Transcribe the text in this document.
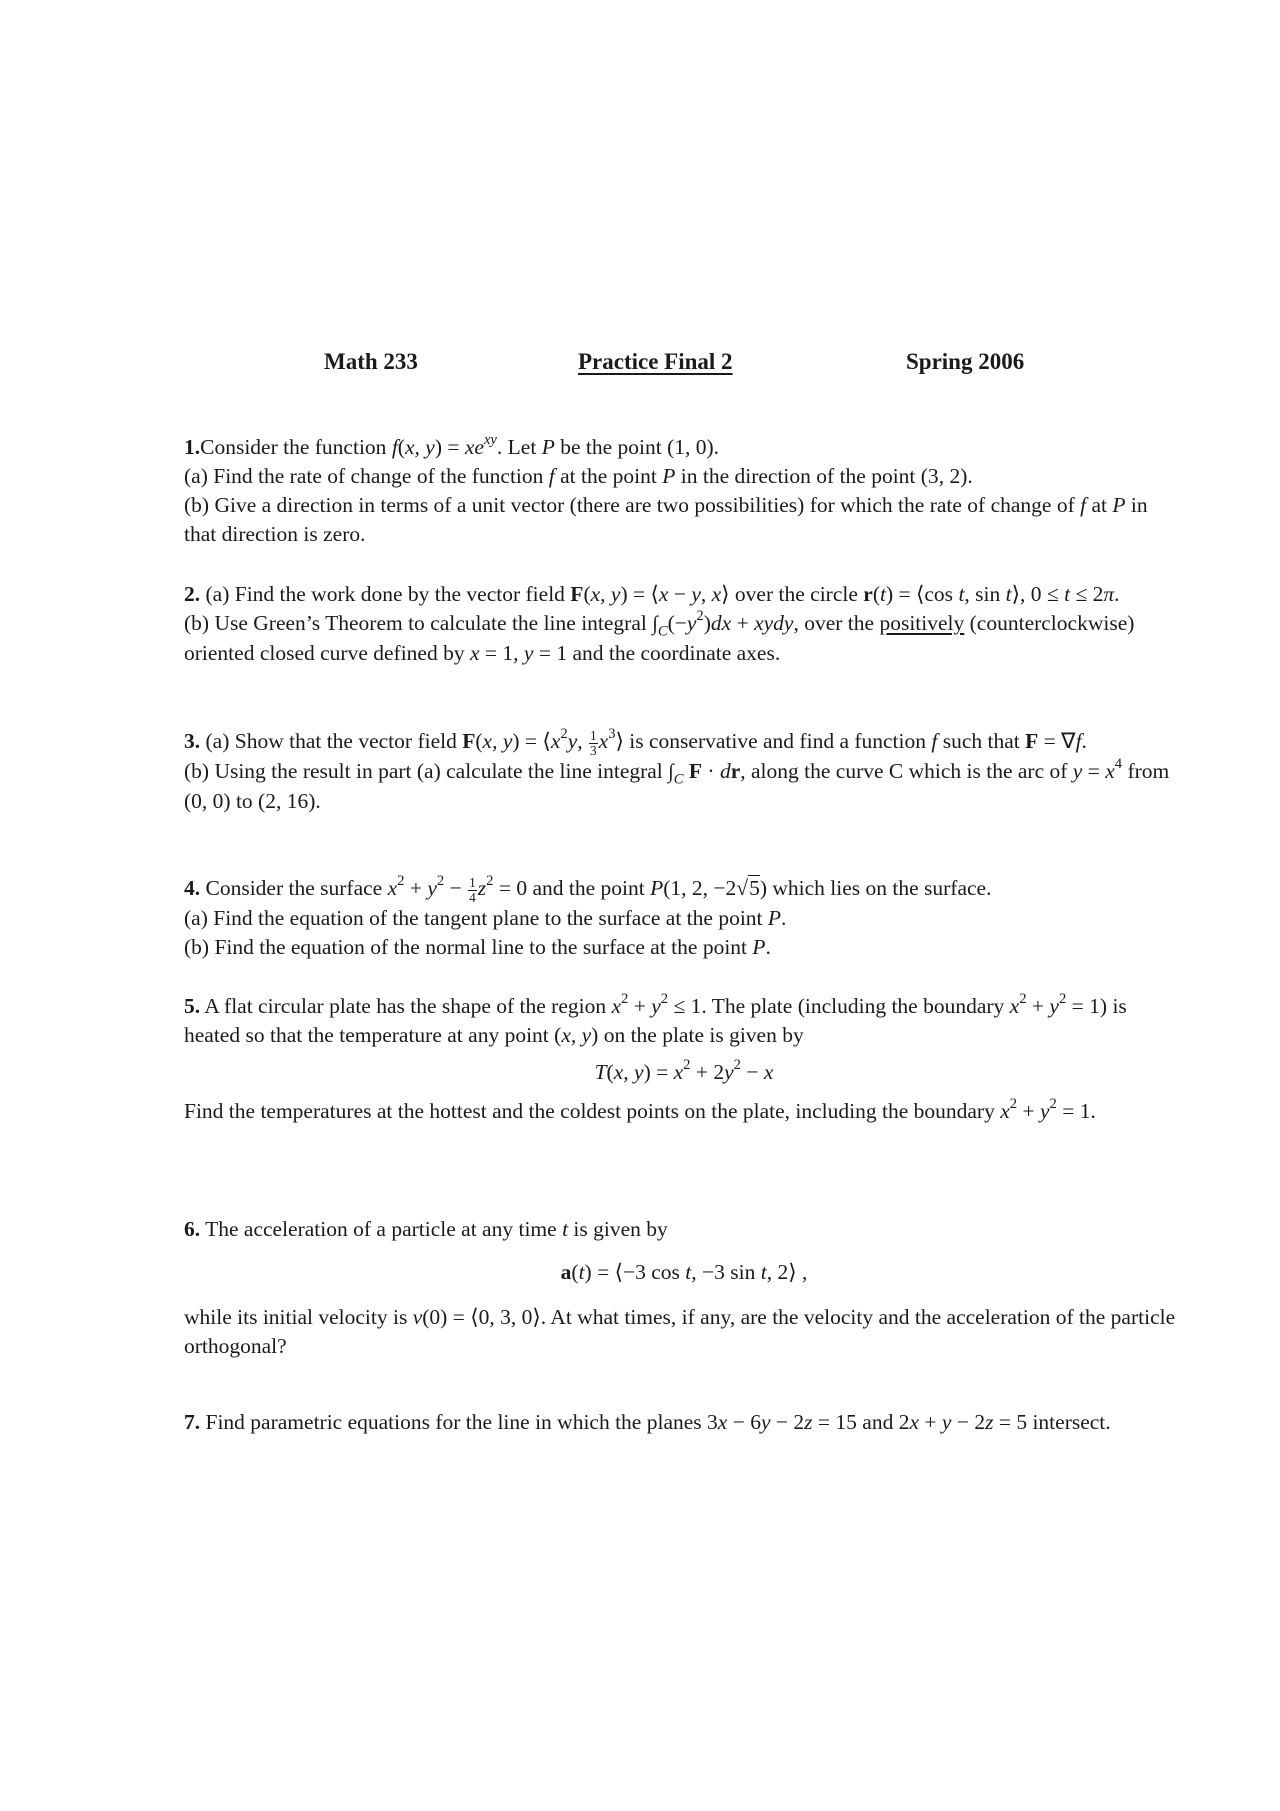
Math 233	Practice Final 2	Spring 2006
1.Consider the function f(x, $y) = xe^{xy}$. Let P be the point (1, 0).
(a) Find the rate of change of the function f at the point P in the direction of the point (3, 2).
(b) Give a direction in terms of a unit vector (there are two possibilities) for which the rate of change of f at P in that direction is zero.
2. (a) Find the work done by the vector field F(x, y) = ⟨x − y, x⟩ over the circle r(t) = ⟨cos t, sin t⟩, 0 ≤ t ≤ 2π.
(b) Use Green’s Theorem to calculate the line integral $\int_C(-y^2)dx$ + xydy, over the positively (counterclockwise) oriented closed curve defined by x = 1, y = 1 and the coordinate axes.
3. (a) Show that the vector field F(x, $y) = ⟨x^2y$, $\frac{1}{3}$ $x^3⟩$ is conservative and find a function f such that F = ∇f.
(b) Using the result in part (a) calculate the line integral $\int_C$ F · dr, along the curve C which is the arc of $y = x^4$ from (0, 0) to (2, 16).
4. Consider the surface $x^2 + y^2 - \frac{1}{4} z^2 = 0$ and the point P(1, 2, −2√5) which lies on the surface.
(a) Find the equation of the tangent plane to the surface at the point P.
(b) Find the equation of the normal line to the surface at the point P.
5. A flat circular plate has the shape of the region $x^2 + y^2 \le 1$. The plate (including the boundary $x^2 + y^2 = 1$) is heated so that the temperature at any point (x, y) on the plate is given by
T(x, $y) = x^2 + 2y^2 - x$
Find the temperatures at the hottest and the coldest points on the plate, including the boundary $x^2 + y^2 = 1$.
6. The acceleration of a particle at any time t is given by
a(t) = ⟨−3 cos t, −3 sin t, 2⟩ ,
while its initial velocity is v(0) = ⟨0, 3, 0⟩. At what times, if any, are the velocity and the acceleration of the particle orthogonal?
7. Find parametric equations for the line in which the planes 3x − 6y − 2z = 15 and 2x + y − 2z = 5 intersect.
